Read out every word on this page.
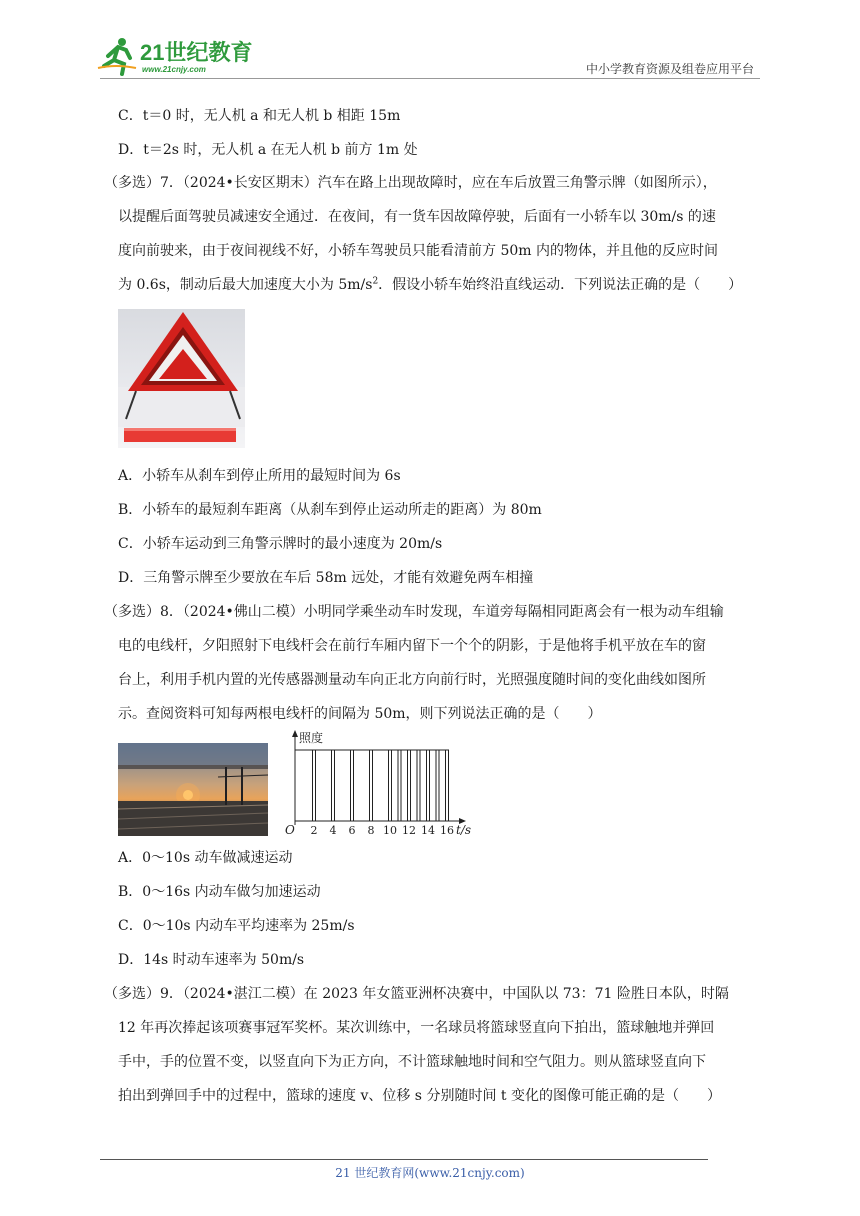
21世纪教育
www.21cnjy.com	中小学教育资源及组卷应用平台
C．t＝0 时，无人机 a 和无人机 b 相距 15m
D．t＝2s 时，无人机 a 在无人机 b 前方 1m 处
（多选）7．（2024•长安区期末）汽车在路上出现故障时，应在车后放置三角警示牌（如图所示），
以提醒后面驾驶员减速安全通过．在夜间，有一货车因故障停驶，后面有一小轿车以 30m/s 的速
度向前驶来，由于夜间视线不好，小轿车驾驶员只能看清前方 50m 内的物体，并且他的反应时间
为 0.6s，制动后最大加速度大小为 $5m/s^2$．假设小轿车始终沿直线运动．下列说法正确的是（　　）
A．小轿车从刹车到停止所用的最短时间为 6s
B．小轿车的最短刹车距离（从刹车到停止运动所走的距离）为 80m
C．小轿车运动到三角警示牌时的最小速度为 20m/s
D．三角警示牌至少要放在车后 58m 远处，才能有效避免两车相撞
（多选）8．（2024•佛山二模）小明同学乘坐动车时发现，车道旁每隔相同距离会有一根为动车组输
电的电线杆，夕阳照射下电线杆会在前行车厢内留下一个个的阴影，于是他将手机平放在车的窗
台上，利用手机内置的光传感器测量动车向正北方向前行时，光照强度随时间的变化曲线如图所
示。查阅资料可知每两根电线杆的间隔为 50m，则下列说法正确的是（　　）
照度
t/s
O 2 4 6 8 10 12 14 16
A．0～10s 动车做减速运动
B．0～16s 内动车做匀加速运动
C．0～10s 内动车平均速率为 25m/s
D．14s 时动车速率为 50m/s
（多选）9．（2024•湛江二模）在 2023 年女篮亚洲杯决赛中，中国队以 73：71 险胜日本队，时隔
12 年再次捧起该项赛事冠军奖杯。某次训练中，一名球员将篮球竖直向下拍出，篮球触地并弹回
手中，手的位置不变，以竖直向下为正方向，不计篮球触地时间和空气阻力。则从篮球竖直向下
拍出到弹回手中的过程中，篮球的速度 v、位移 s 分别随时间 t 变化的图像可能正确的是（　　）
21 世纪教育网(www.21cnjy.com)
